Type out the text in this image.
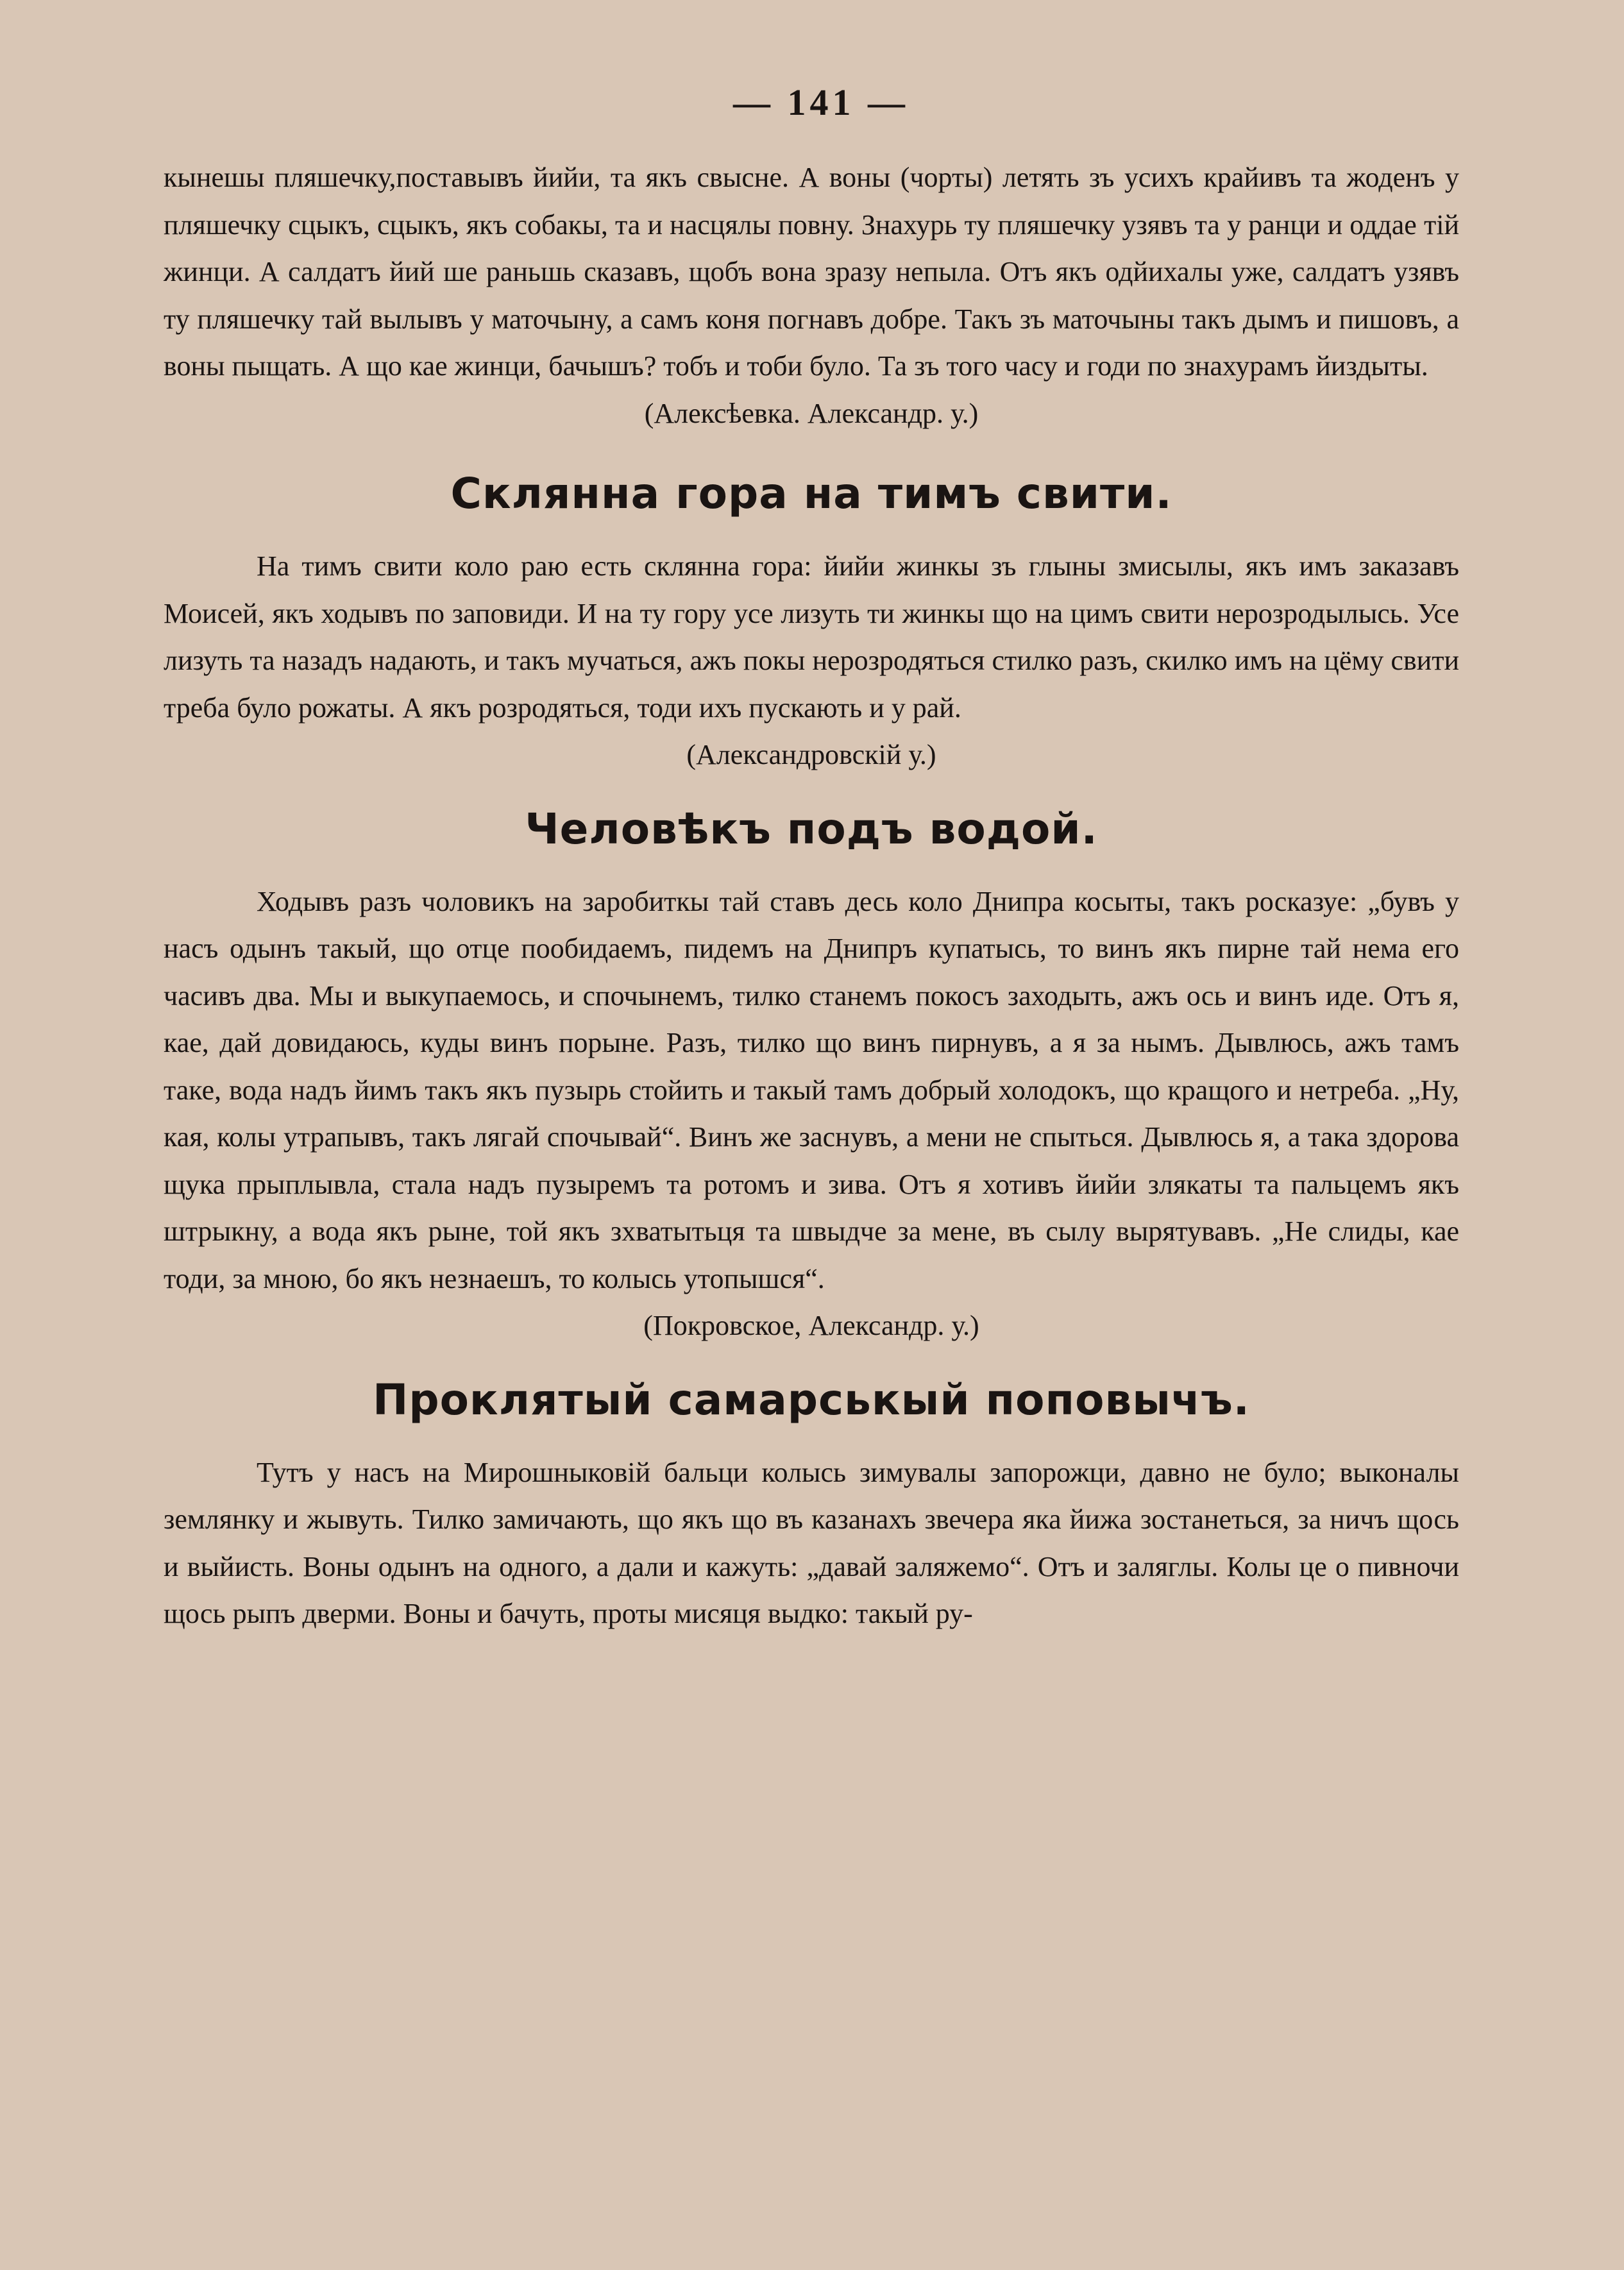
— 141 —

кынешы пляшечку,поставывъ йийи, та якъ свысне. А воны (чорты) летять зъ усихъ крайивъ та жоденъ у пляшечку сцыкъ, сцыкъ, якъ собакы, та и насцялы повну. Знахурь ту пляшечку узявъ та у ранци и оддае тій жинци. А салдатъ йий ше раньшь сказавъ, щобъ вона зразу непыла. Отъ якъ одйихалы уже, салдатъ узявъ ту пляшечку тай вылывъ у маточыну, а самъ коня погнавъ добре. Такъ зъ маточыны такъ дымъ и пишовъ, а воны пыщать. А що кае жинци, бачышъ? тобъ и тоби було. Та зъ того часу и годи по знахурамъ йиздыты.

(Алексѣевка. Александр. у.)

Склянна гора на тимъ свити.

На тимъ свити коло раю есть склянна гора: йийи жинкы зъ глыны змисылы, якъ имъ заказавъ Моисей, якъ ходывъ по заповиди. И на ту гору усе лизуть ти жинкы що на цимъ свити нерозродылысь. Усе лизуть та назадъ надають, и такъ мучаться, ажъ покы нерозродяться стилко разъ, скилко имъ на цёму свити треба було рожаты. А якъ розродяться, тоди ихъ пускають и у рай.

(Александровскій у.)

Человѣкъ подъ водой.

Ходывъ разъ чоловикъ на заробиткы тай ставъ десь коло Днипра косыты, такъ росказуе: „бувъ у насъ одынъ такый, що отце пообидаемъ, пидемъ на Днипръ купатысь, то винъ якъ пирне тай нема его часивъ два. Мы и выкупаемось, и спочынемъ, тилко станемъ покосъ заходыть, ажъ ось и винъ иде. Отъ я, кае, дай довидаюсь, куды винъ порыне. Разъ, тилко що винъ пирнувъ, а я за нымъ. Дывлюсь, ажъ тамъ таке, вода надъ йимъ такъ якъ пузырь стойить и такый тамъ добрый холодокъ, що кращого и нетреба. „Ну, кая, колы утрапывъ, такъ лягай спочывай“. Винъ же заснувъ, а мени не спыться. Дывлюсь я, а така здорова щука прыплывла, стала надъ пузыремъ та ротомъ и зива. Отъ я хотивъ йийи злякаты та пальцемъ якъ штрыкну, а вода якъ рыне, той якъ зхватытьця та швыдче за мене, въ сылу вырятувавъ. „Не слиды, кае тоди, за мною, бо якъ незнаешъ, то колысь утопышся“.

(Покровское, Александр. у.)

Проклятый самарськый поповычъ.

Тутъ у насъ на Мирошныковій бальци колысь зимувалы запорожци, давно не було; выконалы землянку и жывуть. Тилко замичають, що якъ що въ казанахъ звечера яка йижа зостанеться, за ничъ щось и выйисть. Воны одынъ на одного, а дали и кажуть: „давай заляжемо“. Отъ и заляглы. Колы це о пивночи щось рыпъ дверми. Воны и бачуть, проты мисяця выдко: такый ру-
